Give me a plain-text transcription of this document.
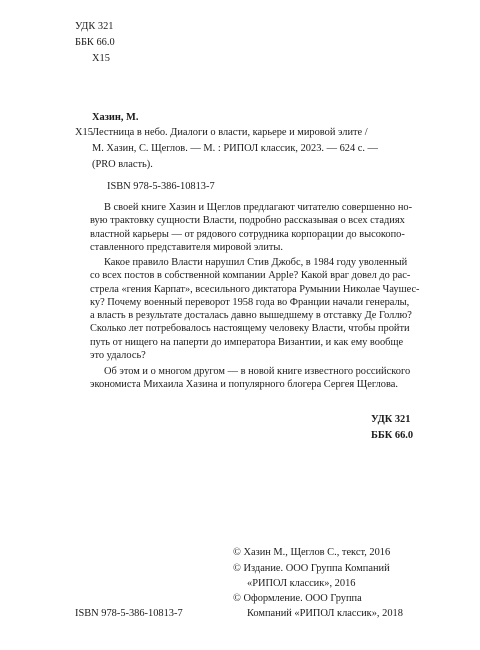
УДК 321
ББК 66.0
Х15
Хазин, М.
Х15 Лестница в небо. Диалоги о власти, карьере и мировой элите /
М. Хазин, С. Щеглов. — М. : РИПОЛ классик, 2023. — 624 с. —
(PRO власть).
ISBN 978-5-386-10813-7
В своей книге Хазин и Щеглов предлагают читателю совершенно но-
вую трактовку сущности Власти, подробно рассказывая о всех стадиях
властной карьеры — от рядового сотрудника корпорации до высокопо-
ставленного представителя мировой элиты.
Какое правило Власти нарушил Стив Джобс, в 1984 году уволенный
со всех постов в собственной компании Apple? Какой враг довел до рас-
стрела «гения Карпат», всесильного диктатора Румынии Николае Чаушес-
ку? Почему военный переворот 1958 года во Франции начали генералы,
а власть в результате досталась давно вышедшему в отставку Де Голлю?
Сколько лет потребовалось настоящему человеку Власти, чтобы пройти
путь от нищего на паперти до императора Византии, и как ему вообще
это удалось?
Об этом и о многом другом — в новой книге известного российского
экономиста Михаила Хазина и популярного блогера Сергея Щеглова.
УДК 321
ББК 66.0
© Хазин М., Щеглов С., текст, 2016
© Издание. ООО Группа Компаний
«РИПОЛ классик», 2016
© Оформление. ООО Группа
Компаний «РИПОЛ классик», 2018
ISBN 978-5-386-10813-7
